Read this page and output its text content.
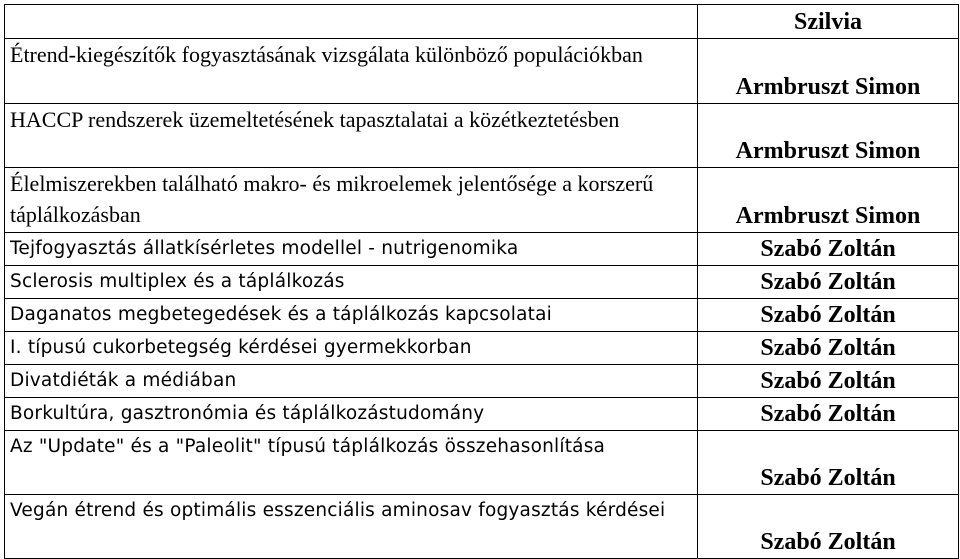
	Szilvia
Étrend-kiegészítők fogyasztásának vizsgálata különböző populációkban	Armbruszt Simon
HACCP rendszerek üzemeltetésének tapasztalatai a közétkeztetésben	Armbruszt Simon
Élelmiszerekben található makro- és mikroelemek jelentősége a korszerű táplálkozásban	Armbruszt Simon
Tejfogyasztás állatkísérletes modellel - nutrigenomika	Szabó Zoltán
Sclerosis multiplex és a táplálkozás	Szabó Zoltán
Daganatos megbetegedések és a táplálkozás kapcsolatai	Szabó Zoltán
I. típusú cukorbetegség kérdései gyermekkorban	Szabó Zoltán
Divatdiéták a médiában	Szabó Zoltán
Borkultúra, gasztronómia és táplálkozástudomány	Szabó Zoltán
Az "Update" és a "Paleolit" típusú táplálkozás összehasonlítása	Szabó Zoltán
Vegán étrend és optimális esszenciális aminosav fogyasztás kérdései	Szabó Zoltán
